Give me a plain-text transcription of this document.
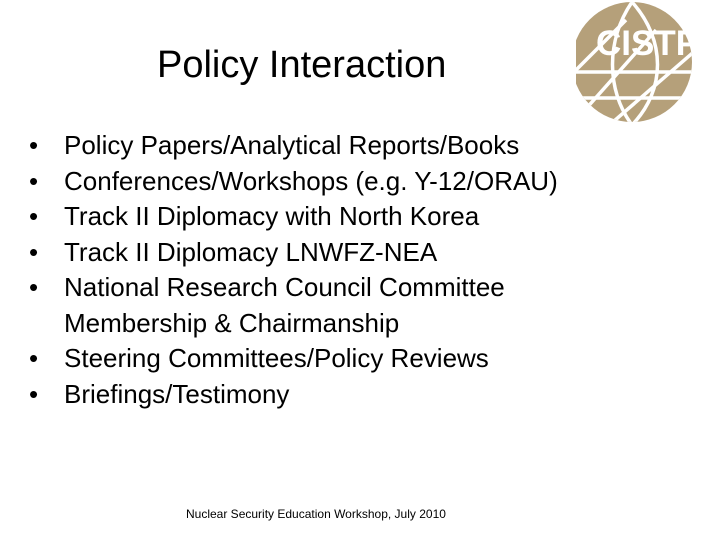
Policy Interaction
CISTP
• Policy Papers/Analytical Reports/Books
• Conferences/Workshops (e.g. Y-12/ORAU)
• Track II Diplomacy with North Korea
• Track II Diplomacy LNWFZ-NEA
• National Research Council Committee
Membership & Chairmanship
• Steering Committees/Policy Reviews
• Briefings/Testimony
Nuclear Security Education Workshop, July 2010
